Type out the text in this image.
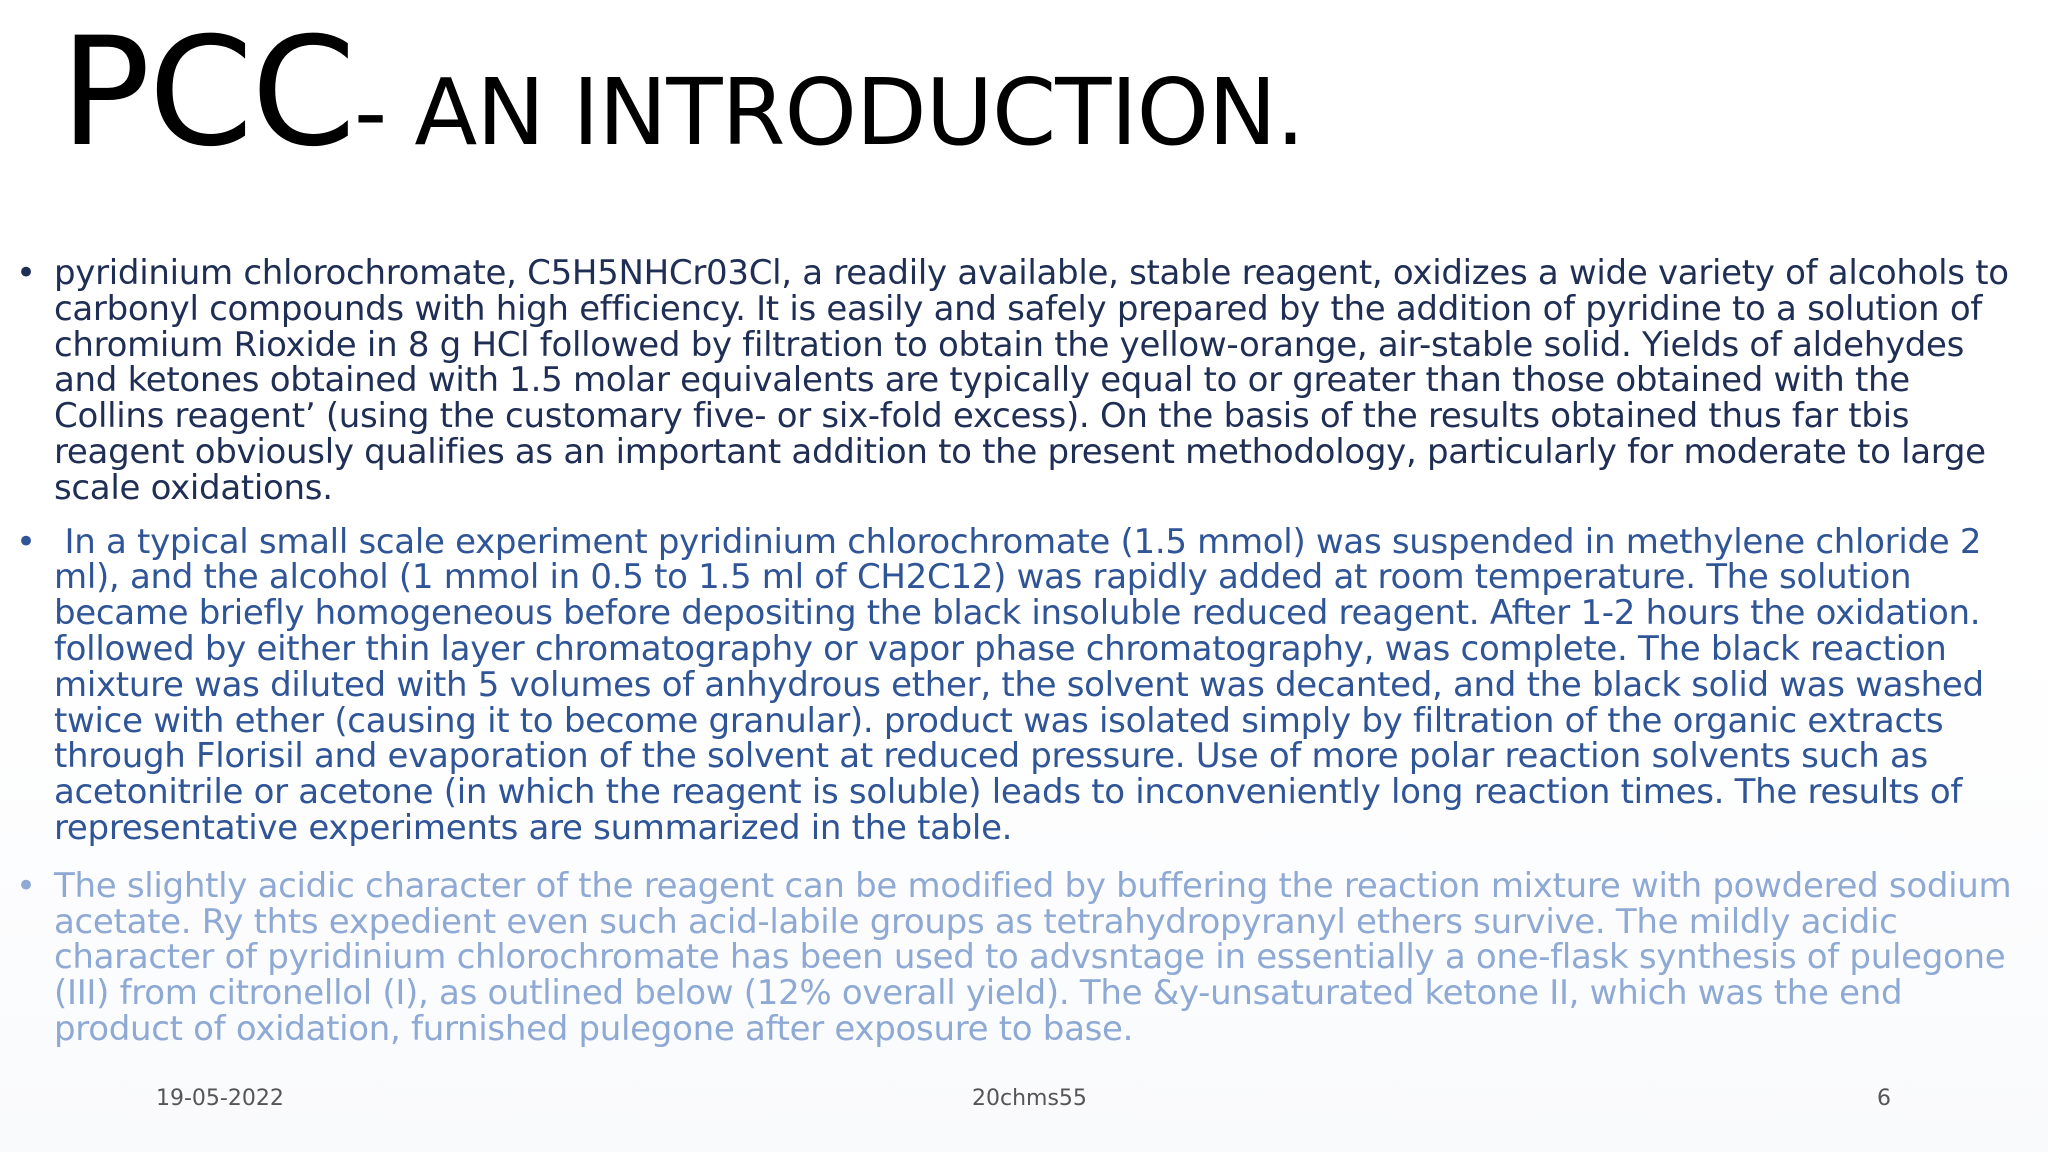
PCC- AN INTRODUCTION.
• pyridinium chlorochromate, C5H5NHCr03Cl, a readily available, stable reagent, oxidizes a wide variety of alcohols to carbonyl compounds with high efficiency. It is easily and safely prepared by the addition of pyridine to a solution of chromium Rioxide in 8 g HCl followed by filtration to obtain the yellow-orange, air-stable solid. Yields of aldehydes and ketones obtained with 1.5 molar equivalents are typically equal to or greater than those obtained with the Collins reagent’ (using the customary five- or six-fold excess). On the basis of the results obtained thus far tbis reagent obviously qualifies as an important addition to the present methodology, particularly for moderate to large scale oxidations.
• In a typical small scale experiment pyridinium chlorochromate (1.5 mmol) was suspended in methylene chloride 2 ml), and the alcohol (1 mmol in 0.5 to 1.5 ml of CH2C12) was rapidly added at room temperature. The solution became briefly homogeneous before depositing the black insoluble reduced reagent. After 1-2 hours the oxidation. followed by either thin layer chromatography or vapor phase chromatography, was complete. The black reaction mixture was diluted with 5 volumes of anhydrous ether, the solvent was decanted, and the black solid was washed twice with ether (causing it to become granular). product was isolated simply by filtration of the organic extracts through Florisil and evaporation of the solvent at reduced pressure. Use of more polar reaction solvents such as acetonitrile or acetone (in which the reagent is soluble) leads to inconveniently long reaction times. The results of representative experiments are summarized in the table.
• The slightly acidic character of the reagent can be modified by buffering the reaction mixture with powdered sodium acetate. Ry thts expedient even such acid-labile groups as tetrahydropyranyl ethers survive. The mildly acidic character of pyridinium chlorochromate has been used to advsntage in essentially a one-flask synthesis of pulegone (III) from citronellol (I), as outlined below (12% overall yield). The &y-unsaturated ketone II, which was the end product of oxidation, furnished pulegone after exposure to base.
19-05-2022	20chms55	6
